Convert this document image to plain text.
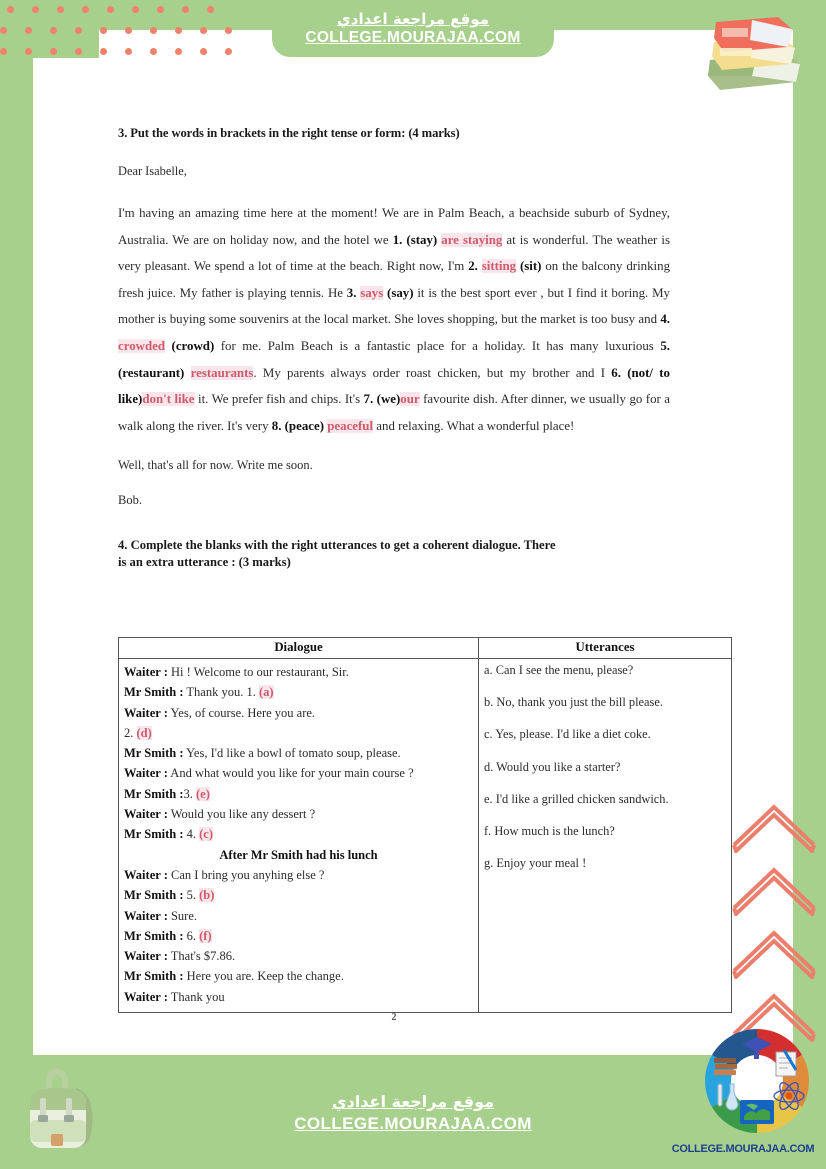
موقع مراجعة اعدادي
COLLEGE.MOURAJAA.COM
3. Put the words in brackets in the right tense or form: (4 marks)
Dear Isabelle,
I'm having an amazing time here at the moment! We are in Palm Beach, a beachside suburb of Sydney, Australia. We are on holiday now, and the hotel we 1. (stay) are staying at is wonderful. The weather is very pleasant. We spend a lot of time at the beach. Right now, I'm 2. sitting (sit) on the balcony drinking fresh juice. My father is playing tennis. He 3. says (say) it is the best sport ever , but I find it boring. My mother is buying some souvenirs at the local market. She loves shopping, but the market is too busy and 4. crowded (crowd) for me. Palm Beach is a fantastic place for a holiday. It has many luxurious 5. (restaurant) restaurants. My parents always order roast chicken, but my brother and I 6. (not/ to like)don't like it. We prefer fish and chips. It's 7. (we)our favourite dish. After dinner, we usually go for a walk along the river. It's very 8. (peace) peaceful and relaxing. What a wonderful place!
Well, that's all for now. Write me soon.
Bob.
4. Complete the blanks with the right utterances to get a coherent dialogue. There
is an extra utterance : (3 marks)
Dialogue	Utterances

Waiter : Hi ! Welcome to our restaurant, Sir.
Mr Smith : Thank you. 1. (a)
Waiter : Yes, of course. Here you are.
2. (d)
Mr Smith : Yes, I'd like a bowl of tomato soup, please.
Waiter : And what would you like for your main course ?
Mr Smith :3. (e)
Waiter : Would you like any dessert ?
Mr Smith : 4. (c)
After Mr Smith had his lunch
Waiter : Can I bring you anyhing else ?
Mr Smith : 5. (b)
Waiter : Sure.
Mr Smith : 6. (f)
Waiter : That's $7.86.
Mr Smith : Here you are. Keep the change.
Waiter : Thank you

a. Can I see the menu, please?
b. No, thank you just the bill please.
c. Yes, please. I'd like a diet coke.
d. Would you like a starter?
e. I'd like a grilled chicken sandwich.
f. How much is the lunch?
g. Enjoy your meal !
2
موقع مراجعة اعدادي
COLLEGE.MOURAJAA.COM
COLLEGE.MOURAJAA.COM
